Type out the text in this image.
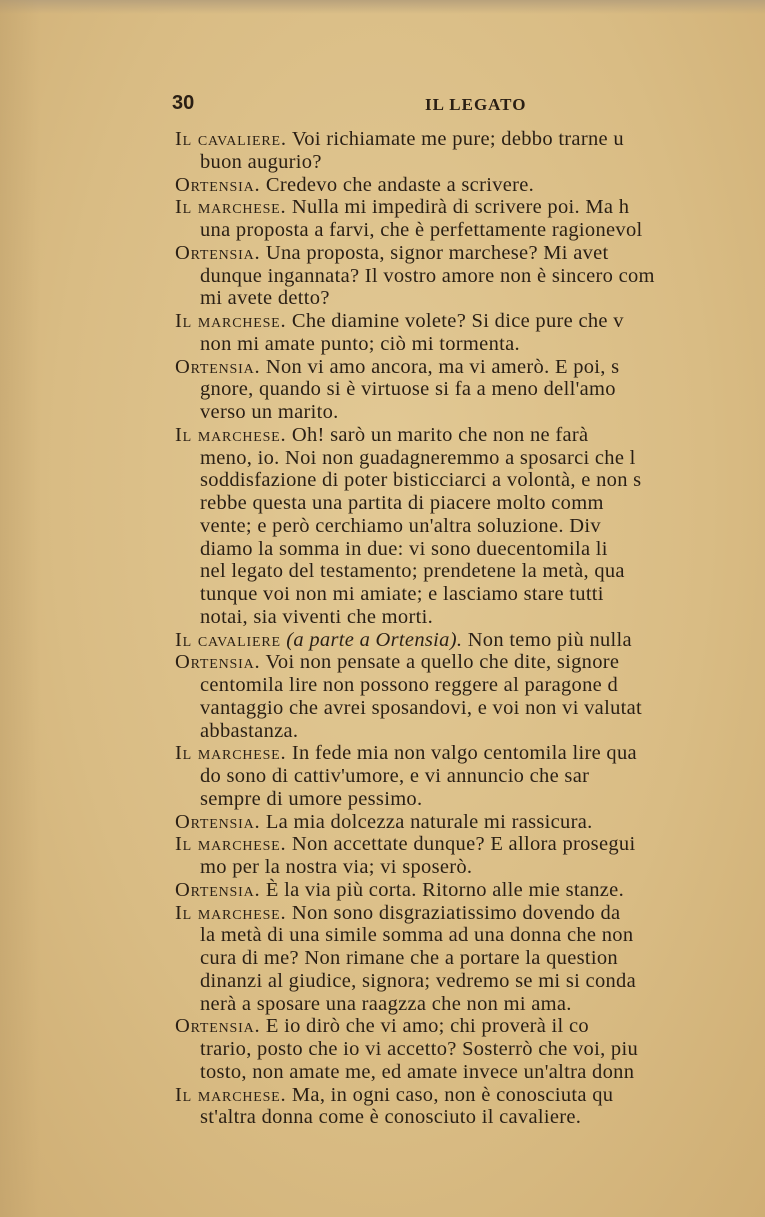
30	IL LEGATO
Il cavaliere. Voi richiamate me pure; debbo trarne u
buon augurio?
Ortensia. Credevo che andaste a scrivere.
Il marchese. Nulla mi impedirà di scrivere poi. Ma h
una proposta a farvi, che è perfettamente ragionevol
Ortensia. Una proposta, signor marchese? Mi avet
dunque ingannata? Il vostro amore non è sincero com
mi avete detto?
Il marchese. Che diamine volete? Si dice pure che v
non mi amate punto; ciò mi tormenta.
Ortensia. Non vi amo ancora, ma vi amerò. E poi, s
gnore, quando si è virtuose si fa a meno dell'amo
verso un marito.
Il marchese. Oh! sarò un marito che non ne farà
meno, io. Noi non guadagneremmo a sposarci che l
soddisfazione di poter bisticciarci a volontà, e non s
rebbe questa una partita di piacere molto comm
vente; e però cerchiamo un'altra soluzione. Div
diamo la somma in due: vi sono duecentomila li
nel legato del testamento; prendetene la metà, qua
tunque voi non mi amiate; e lasciamo stare tutti
notai, sia viventi che morti.
Il cavaliere (a parte a Ortensia). Non temo più nulla
Ortensia. Voi non pensate a quello che dite, signore
centomila lire non possono reggere al paragone d
vantaggio che avrei sposandovi, e voi non vi valutat
abbastanza.
Il marchese. In fede mia non valgo centomila lire qua
do sono di cattiv'umore, e vi annuncio che sar
sempre di umore pessimo.
Ortensia. La mia dolcezza naturale mi rassicura.
Il marchese. Non accettate dunque? E allora prosegui
mo per la nostra via; vi sposerò.
Ortensia. È la via più corta. Ritorno alle mie stanze.
Il marchese. Non sono disgraziatissimo dovendo da
la metà di una simile somma ad una donna che non
cura di me? Non rimane che a portare la question
dinanzi al giudice, signora; vedremo se mi si conda
nerà a sposare una raagzza che non mi ama.
Ortensia. E io dirò che vi amo; chi proverà il co
trario, posto che io vi accetto? Sosterrò che voi, piu
tosto, non amate me, ed amate invece un'altra donn
Il marchese. Ma, in ogni caso, non è conosciuta qu
st'altra donna come è conosciuto il cavaliere.
